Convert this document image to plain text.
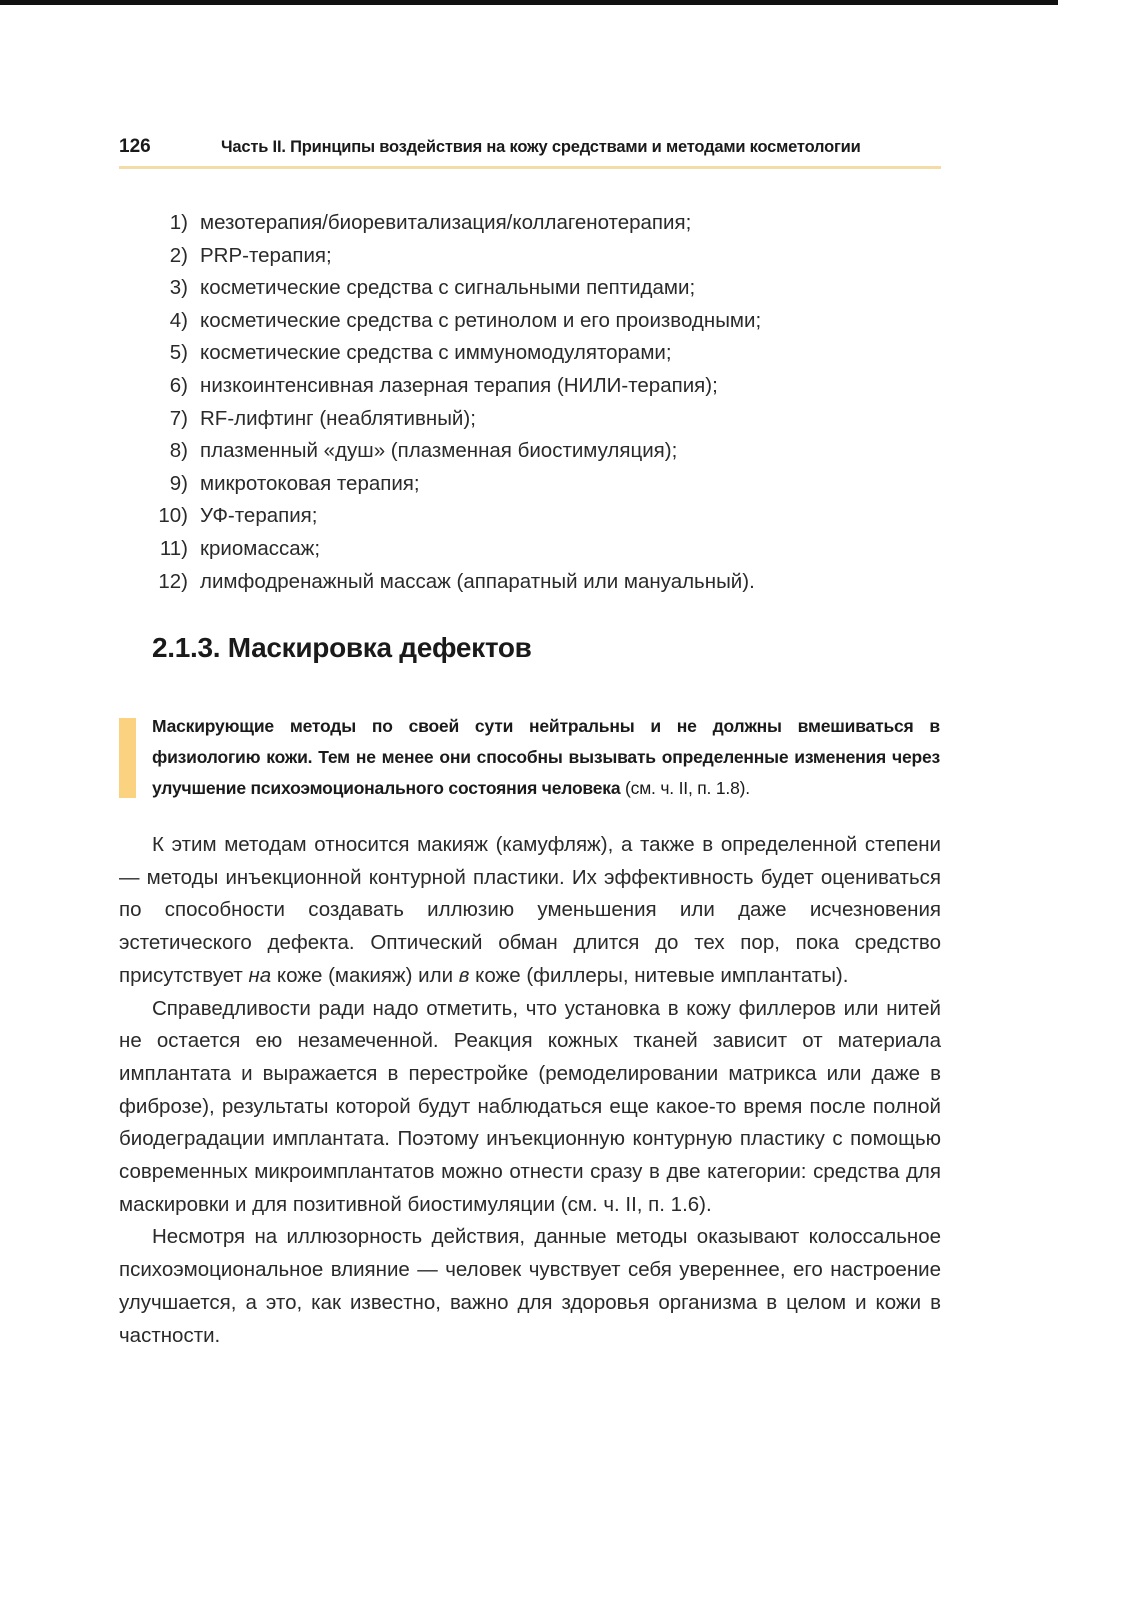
126	Часть II. Принципы воздействия на кожу средствами и методами косметологии
1) мезотерапия/биоревитализация/коллагенотерапия;
2) PRP-терапия;
3) косметические средства с сигнальными пептидами;
4) косметические средства с ретинолом и его производными;
5) косметические средства с иммуномодуляторами;
6) низкоинтенсивная лазерная терапия (НИЛИ-терапия);
7) RF-лифтинг (неаблятивный);
8) плазменный «душ» (плазменная биостимуляция);
9) микротоковая терапия;
10) УФ-терапия;
11) криомассаж;
12) лимфодренажный массаж (аппаратный или мануальный).
2.1.3. Маскировка дефектов

Маскирующие методы по своей сути нейтральны и не должны вмешиваться в физиологию кожи. Тем не менее они способны вызывать определенные изменения через улучшение психоэмоционального состояния человека (см. ч. II, п. 1.8).

К этим методам относится макияж (камуфляж), а также в определенной степени — методы инъекционной контурной пластики. Их эффективность будет оцениваться по способности создавать иллюзию уменьшения или даже исчезновения эстетического дефекта. Оптический обман длится до тех пор, пока средство присутствует на коже (макияж) или в коже (филлеры, нитевые имплантаты).

Справедливости ради надо отметить, что установка в кожу филлеров или нитей не остается ею незамеченной. Реакция кожных тканей зависит от материала имплантата и выражается в перестройке (ремоделировании матрикса или даже в фиброзе), результаты которой будут наблюдаться еще какое-то время после полной биодеградации имплантата. Поэтому инъекционную контурную пластику с помощью современных микроимплантатов можно отнести сразу в две категории: средства для маскировки и для позитивной биостимуляции (см. ч. II, п. 1.6).

Несмотря на иллюзорность действия, данные методы оказывают колоссальное психоэмоциональное влияние — человек чувствует себя увереннее, его настроение улучшается, а это, как известно, важно для здоровья организма в целом и кожи в частности.
